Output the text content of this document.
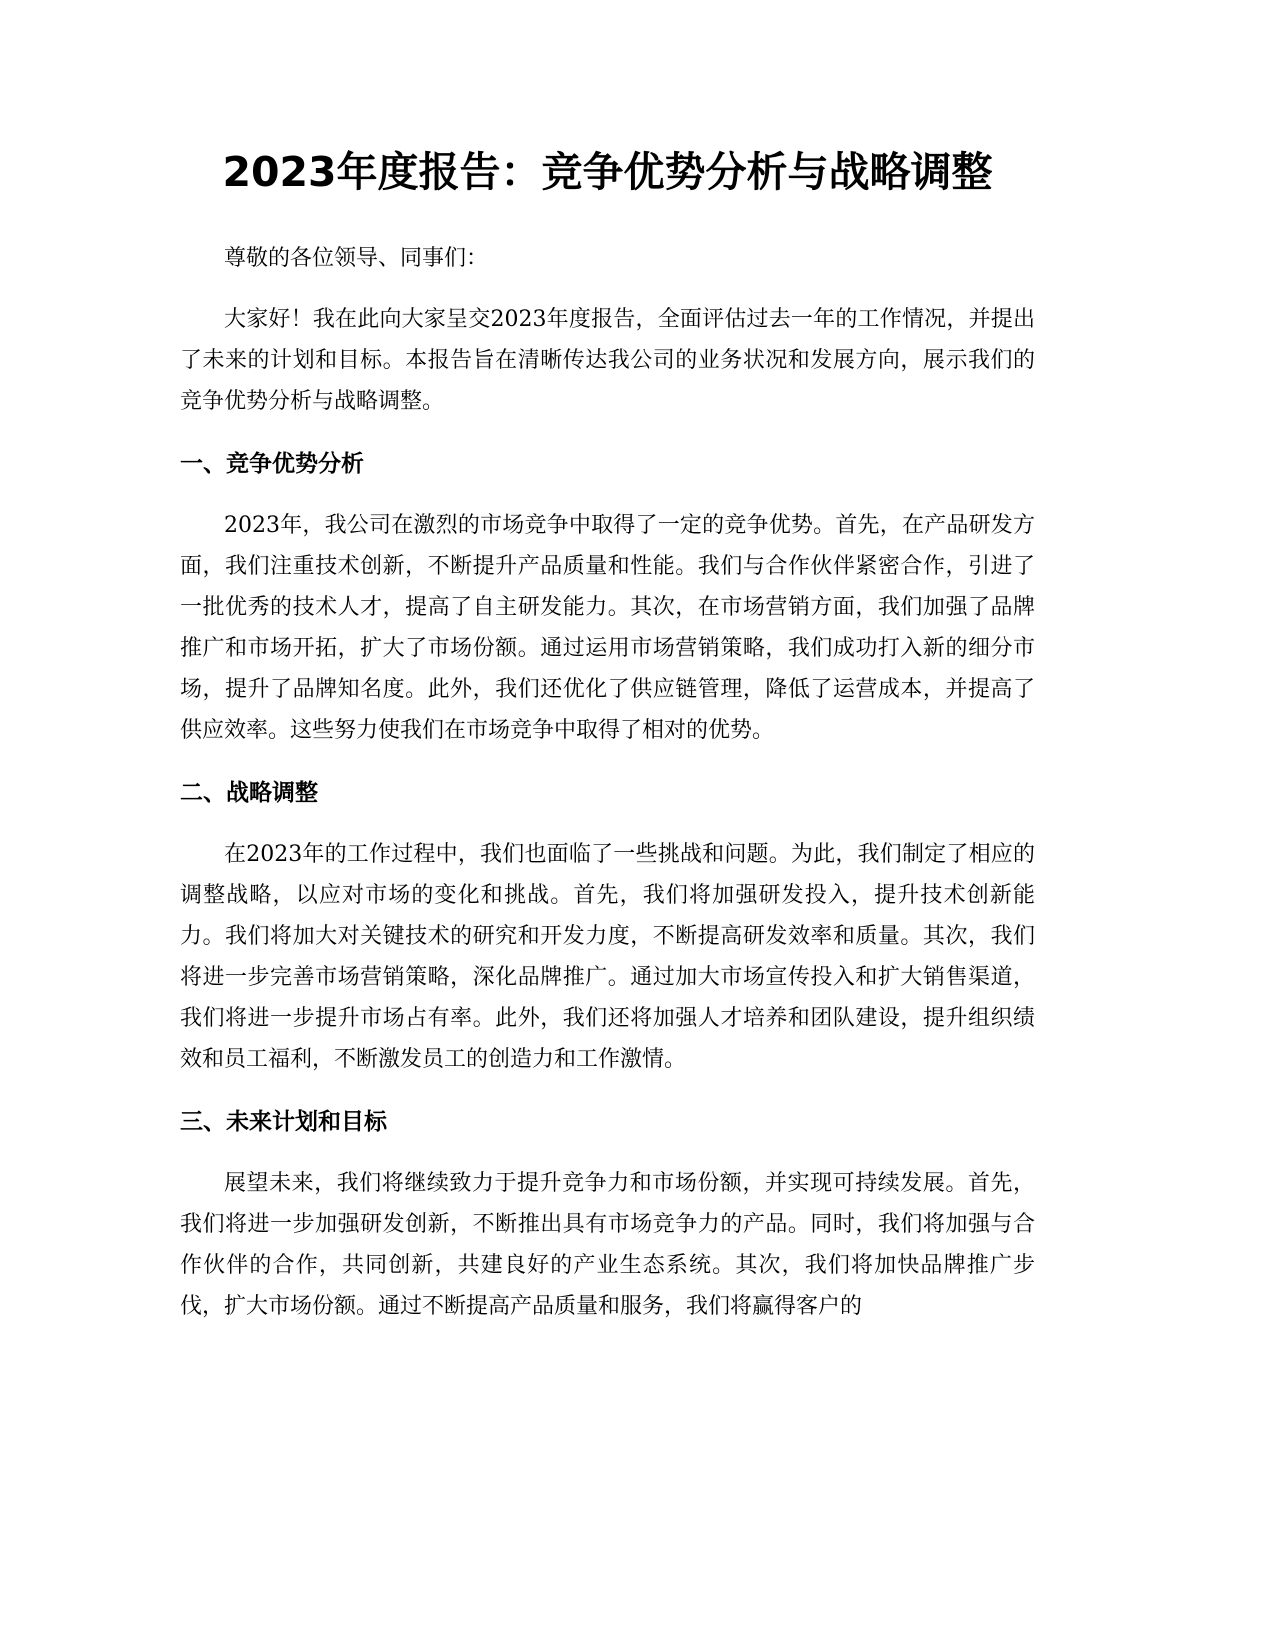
2023年度报告：竞争优势分析与战略调整

尊敬的各位领导、同事们：

大家好！我在此向大家呈交2023年度报告，全面评估过去一年的工作情况，并提出了未来的计划和目标。本报告旨在清晰传达我公司的业务状况和发展方向，展示我们的竞争优势分析与战略调整。

一、竞争优势分析

2023年，我公司在激烈的市场竞争中取得了一定的竞争优势。首先，在产品研发方面，我们注重技术创新，不断提升产品质量和性能。我们与合作伙伴紧密合作，引进了一批优秀的技术人才，提高了自主研发能力。其次，在市场营销方面，我们加强了品牌推广和市场开拓，扩大了市场份额。通过运用市场营销策略，我们成功打入新的细分市场，提升了品牌知名度。此外，我们还优化了供应链管理，降低了运营成本，并提高了供应效率。这些努力使我们在市场竞争中取得了相对的优势。

二、战略调整

在2023年的工作过程中，我们也面临了一些挑战和问题。为此，我们制定了相应的调整战略，以应对市场的变化和挑战。首先，我们将加强研发投入，提升技术创新能力。我们将加大对关键技术的研究和开发力度，不断提高研发效率和质量。其次，我们将进一步完善市场营销策略，深化品牌推广。通过加大市场宣传投入和扩大销售渠道，我们将进一步提升市场占有率。此外，我们还将加强人才培养和团队建设，提升组织绩效和员工福利，不断激发员工的创造力和工作激情。

三、未来计划和目标

展望未来，我们将继续致力于提升竞争力和市场份额，并实现可持续发展。首先，我们将进一步加强研发创新，不断推出具有市场竞争力的产品。同时，我们将加强与合作伙伴的合作，共同创新，共建良好的产业生态系统。其次，我们将加快品牌推广步伐，扩大市场份额。通过不断提高产品质量和服务，我们将赢得客户的
